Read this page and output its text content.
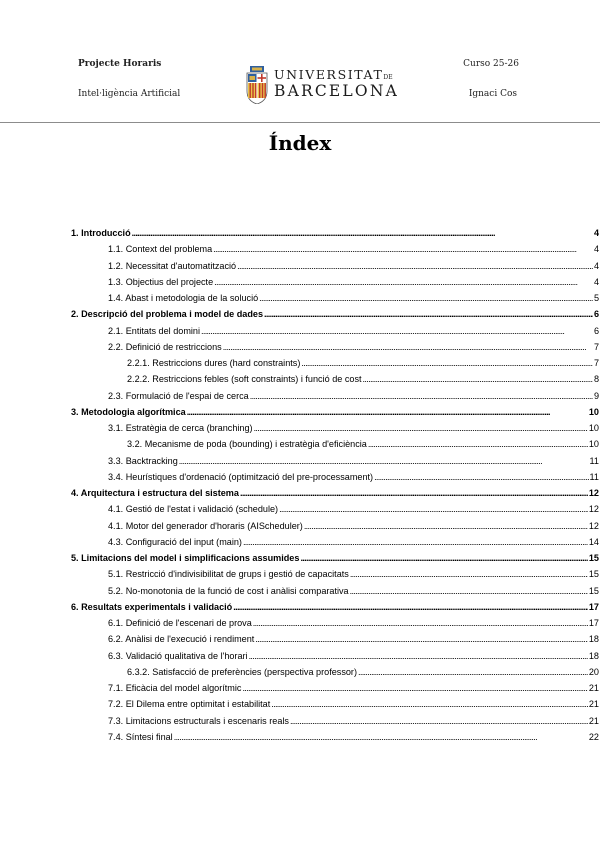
Projecte Horaris
Intel·ligència Artificial
Curso 25-26
Ignaci Cos
UNIVERSITATDE
BARCELONA
Índex
1. Introducció . . .	4
1.1. Context del problema . . .	4
1.2. Necessitat d'automatització . . .	4
1.3. Objectius del projecte . . .	4
1.4. Abast i metodologia de la solució . . .	5
2. Descripció del problema i model de dades . . .	6
2.1. Entitats del domini . . .	6
2.2. Definició de restriccions . . .	7
2.2.1. Restriccions dures (hard constraints) . . .	7
2.2.2. Restriccions febles (soft constraints) i funció de cost . . .	8
2.3. Formulació de l'espai de cerca . . .	9
3. Metodologia algorítmica . . .	10
3.1. Estratègia de cerca (branching) . . .	10
3.2. Mecanisme de poda (bounding) i estratègia d'eficiència . . .	10
3.3. Backtracking . . .	11
3.4. Heurístiques d'ordenació (optimització del pre-processament) . . .	11
4. Arquitectura i estructura del sistema . . .	12
4.1. Gestió de l'estat i validació (schedule) . . .	12
4.1. Motor del generador d'horaris (AIScheduler) . . .	12
4.3. Configuració del input (main) . . .	14
5. Limitacions del model i simplificacions assumides . . .	15
5.1. Restricció d'indivisibilitat de grups i gestió de capacitats . . .	15
5.2. No-monotonia de la funció de cost i anàlisi comparativa . . .	15
6. Resultats experimentals i validació . . .	17
6.1. Definició de l'escenari de prova . . .	17
6.2. Anàlisi de l'execució i rendiment . . .	18
6.3. Validació qualitativa de l'horari . . .	18
6.3.2. Satisfacció de preferències (perspectiva professor) . . .	20
7.1. Eficàcia del model algorítmic . . .	21
7.2. El Dilema entre optimitat i estabilitat . . .	21
7.3. Limitacions estructurals i escenaris reals . . .	21
7.4. Síntesi final . . .	22
